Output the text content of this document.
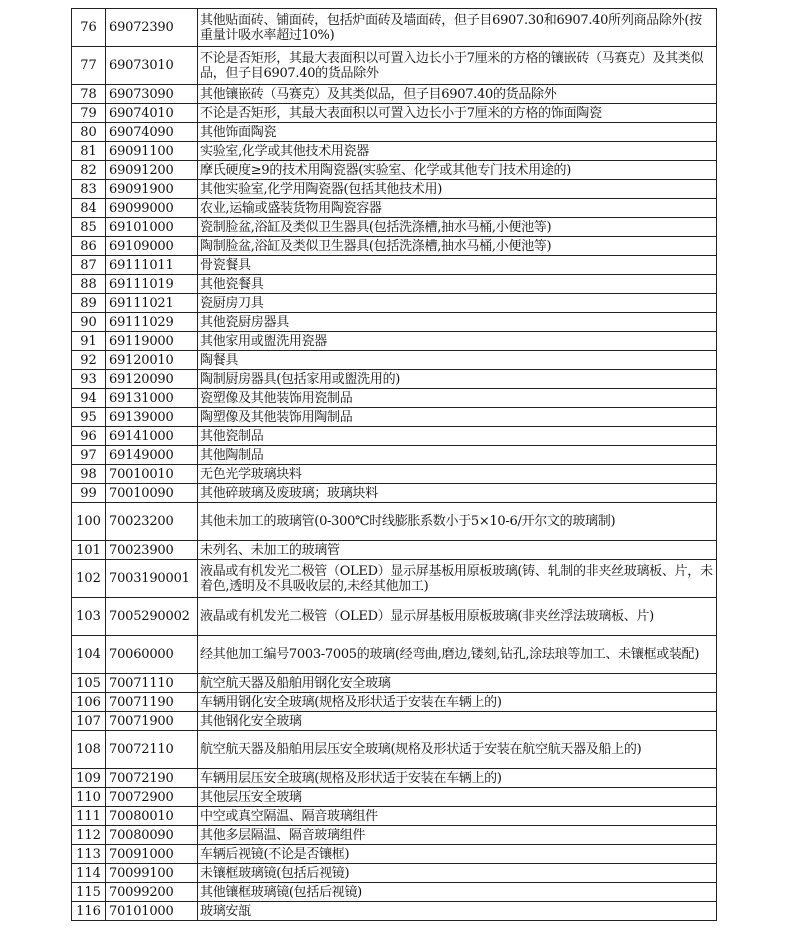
76	69072390	其他贴面砖、铺面砖，包括炉面砖及墙面砖，但子目6907.30和6907.40所列商品除外(按重量计吸水率超过10%)
77	69073010	不论是否矩形，其最大表面积以可置入边长小于7厘米的方格的镶嵌砖（马赛克）及其类似品，但子目6907.40的货品除外
78	69073090	其他镶嵌砖（马赛克）及其类似品，但子目6907.40的货品除外
79	69074010	不论是否矩形，其最大表面积以可置入边长小于7厘米的方格的饰面陶瓷
80	69074090	其他饰面陶瓷
81	69091100	实验室,化学或其他技术用瓷器
82	69091200	摩氏硬度≥9的技术用陶瓷器(实验室、化学或其他专门技术用途的)
83	69091900	其他实验室,化学用陶瓷器(包括其他技术用)
84	69099000	农业,运输或盛装货物用陶瓷容器
85	69101000	瓷制脸盆,浴缸及类似卫生器具(包括洗涤槽,抽水马桶,小便池等)
86	69109000	陶制脸盆,浴缸及类似卫生器具(包括洗涤槽,抽水马桶,小便池等)
87	69111011	骨瓷餐具
88	69111019	其他瓷餐具
89	69111021	瓷厨房刀具
90	69111029	其他瓷厨房器具
91	69119000	其他家用或盥洗用瓷器
92	69120010	陶餐具
93	69120090	陶制厨房器具(包括家用或盥洗用的)
94	69131000	瓷塑像及其他装饰用瓷制品
95	69139000	陶塑像及其他装饰用陶制品
96	69141000	其他瓷制品
97	69149000	其他陶制品
98	70010010	无色光学玻璃块料
99	70010090	其他碎玻璃及废玻璃；玻璃块料
100	70023200	其他未加工的玻璃管(0-300℃时线膨胀系数小于5×10-6/开尔文的玻璃制)
101	70023900	未列名、未加工的玻璃管
102	7003190001	液晶或有机发光二极管（OLED）显示屏基板用原板玻璃(铸、轧制的非夹丝玻璃板、片，未着色,透明及不具吸收层的,未经其他加工)
103	7005290002	液晶或有机发光二极管（OLED）显示屏基板用原板玻璃(非夹丝浮法玻璃板、片)
104	70060000	经其他加工编号7003-7005的玻璃(经弯曲,磨边,镂刻,钻孔,涂珐琅等加工、未镶框或装配)
105	70071110	航空航天器及船舶用钢化安全玻璃
106	70071190	车辆用钢化安全玻璃(规格及形状适于安装在车辆上的)
107	70071900	其他钢化安全玻璃
108	70072110	航空航天器及船舶用层压安全玻璃(规格及形状适于安装在航空航天器及船上的)
109	70072190	车辆用层压安全玻璃(规格及形状适于安装在车辆上的)
110	70072900	其他层压安全玻璃
111	70080010	中空或真空隔温、隔音玻璃组件
112	70080090	其他多层隔温、隔音玻璃组件
113	70091000	车辆后视镜(不论是否镶框)
114	70099100	未镶框玻璃镜(包括后视镜)
115	70099200	其他镶框玻璃镜(包括后视镜)
116	70101000	玻璃安瓿
